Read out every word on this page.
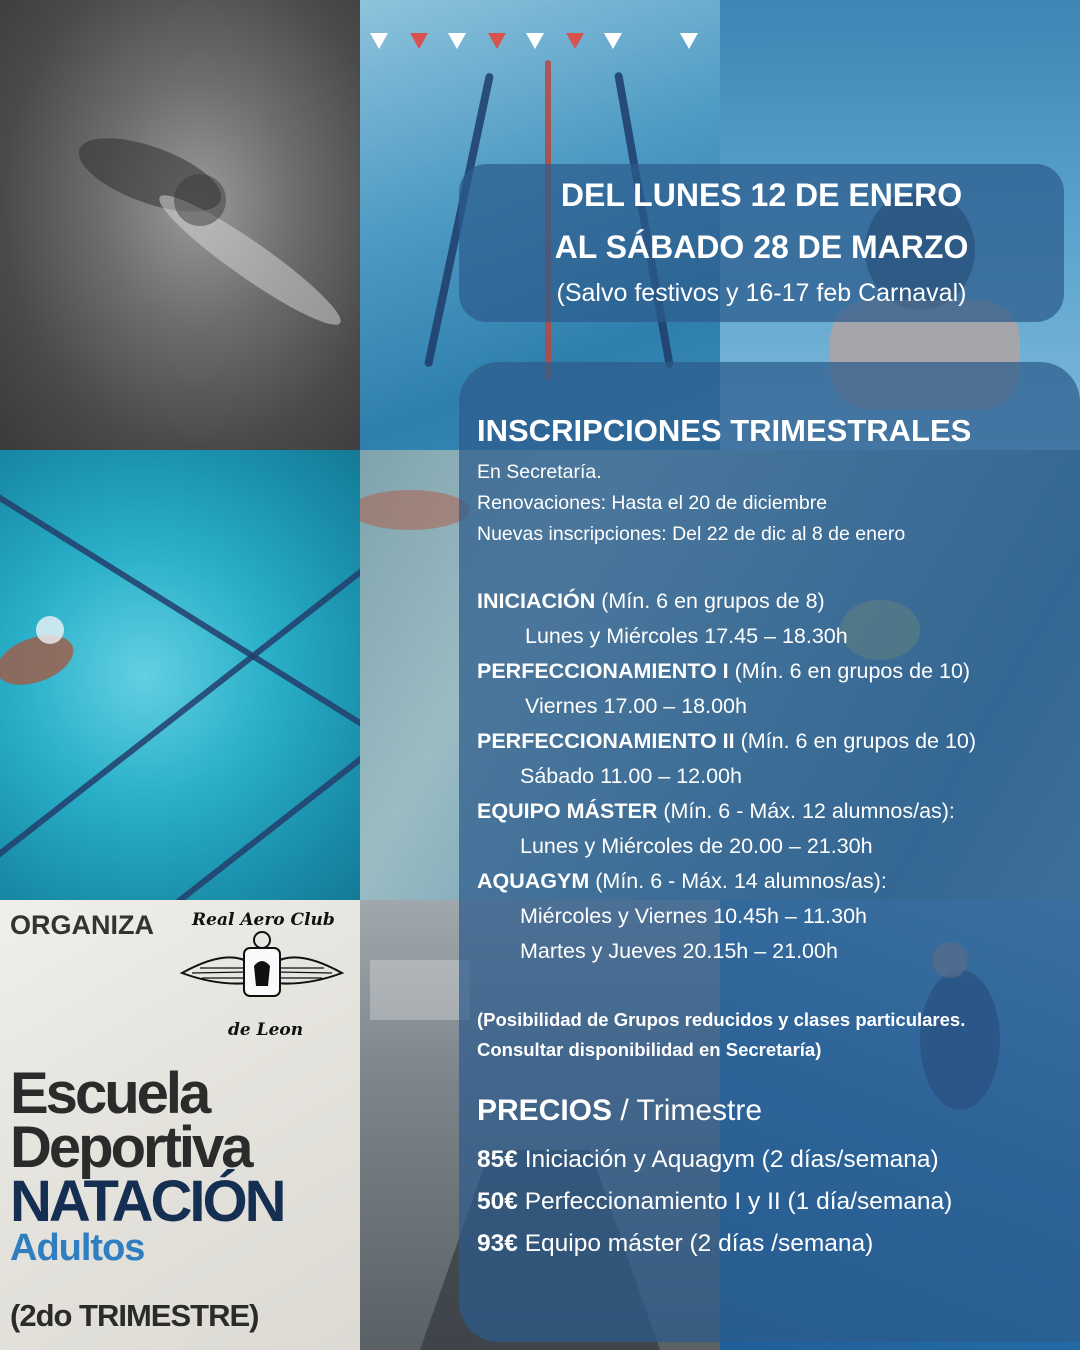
DEL LUNES 12 DE ENERO
AL SÁBADO 28 DE MARZO
(Salvo festivos y 16-17 feb Carnaval)
INSCRIPCIONES TRIMESTRALES
En Secretaría.
Renovaciones: Hasta el 20 de diciembre
Nuevas inscripciones: Del 22 de dic al 8 de enero
INICIACIÓN (Mín. 6 en grupos de 8)
Lunes y Miércoles 17.45 – 18.30h
PERFECCIONAMIENTO I (Mín. 6 en grupos de 10)
Viernes 17.00 – 18.00h
PERFECCIONAMIENTO II (Mín. 6 en grupos de 10)
Sábado 11.00 – 12.00h
EQUIPO MÁSTER (Mín. 6 - Máx. 12 alumnos/as):
Lunes y Miércoles de 20.00 – 21.30h
AQUAGYM (Mín. 6 - Máx. 14 alumnos/as):
Miércoles y Viernes 10.45h – 11.30h
Martes y Jueves 20.15h – 21.00h
(Posibilidad de Grupos reducidos y clases particulares.
Consultar disponibilidad en Secretaría)
PRECIOS / Trimestre
85€ Iniciación y Aquagym (2 días/semana)
50€ Perfeccionamiento I y II (1 día/semana)
93€ Equipo máster (2 días /semana)
ORGANIZA Real Aero Club
de Leon
Escuela
Deportiva
NATACIÓN
Adultos
(2do TRIMESTRE)
